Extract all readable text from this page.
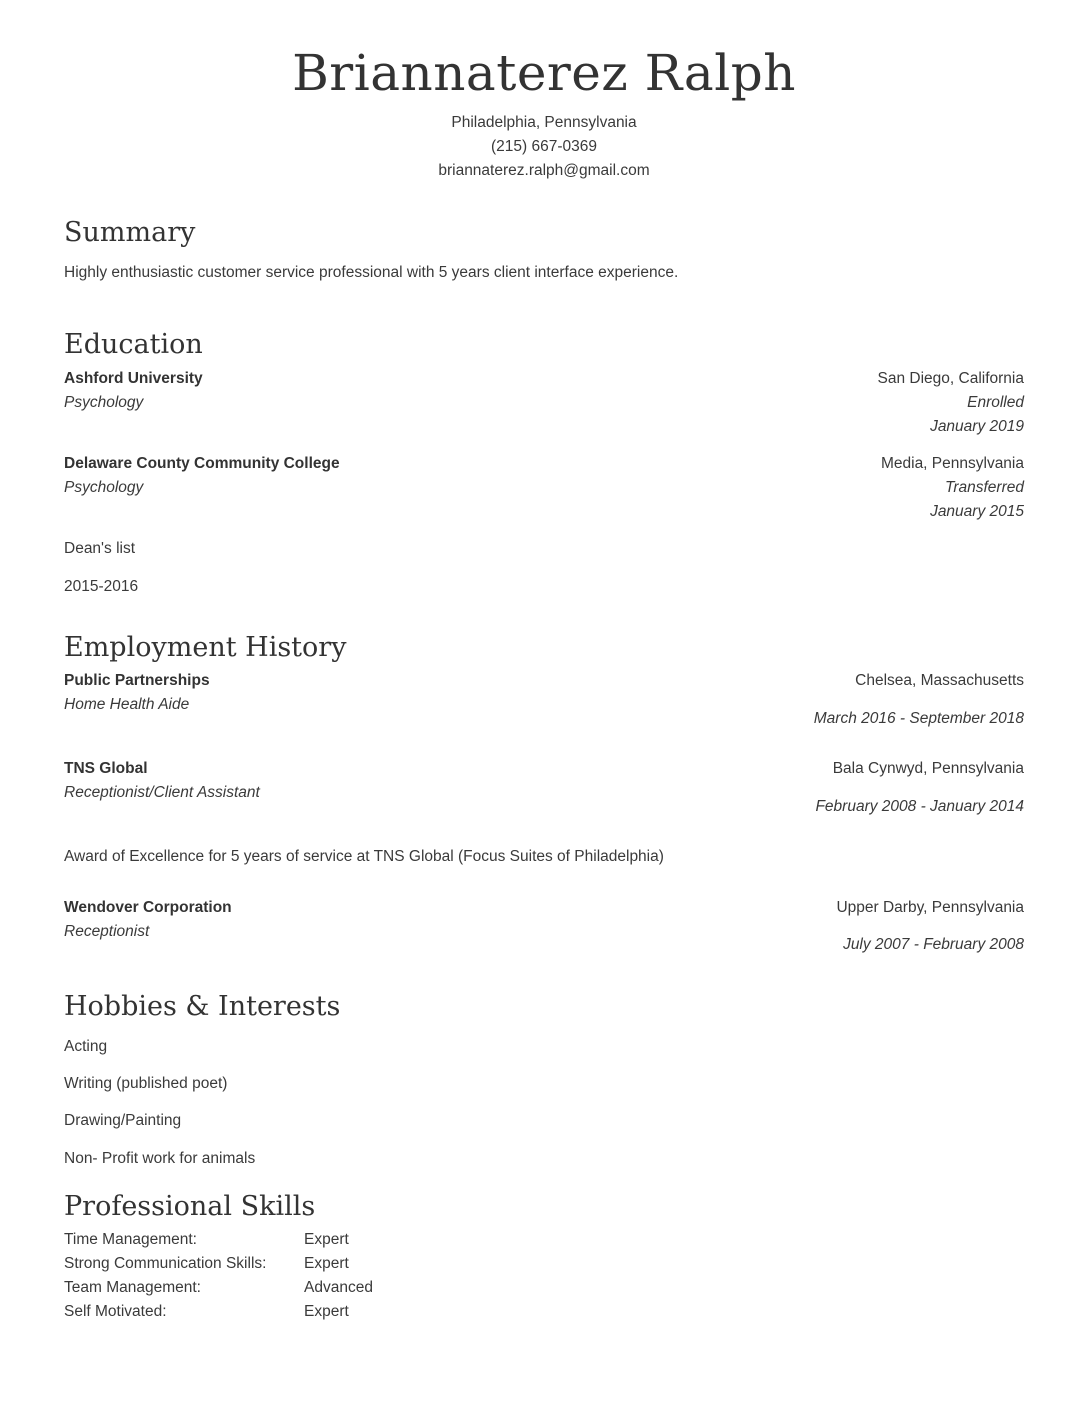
Briannaterez Ralph
Philadelphia, Pennsylvania
(215) 667-0369
briannaterez.ralph@gmail.com
Summary
Highly enthusiastic customer service professional with 5 years client interface experience.
Education
Ashford University	San Diego, California
Psychology	Enrolled
January 2019
Delaware County Community College	Media, Pennsylvania
Psychology	Transferred
January 2015
Dean's list
2015-2016
Employment History
Public Partnerships	Chelsea, Massachusetts
Home Health Aide
March 2016 - September 2018
TNS Global	Bala Cynwyd, Pennsylvania
Receptionist/Client Assistant
February 2008 - January 2014
Award of Excellence for 5 years of service at TNS Global (Focus Suites of Philadelphia)
Wendover Corporation	Upper Darby, Pennsylvania
Receptionist
July 2007 - February 2008
Hobbies & Interests
Acting
Writing (published poet)
Drawing/Painting
Non- Profit work for animals
Professional Skills
Time Management:	Expert
Strong Communication Skills: Expert
Team Management:	Advanced
Self Motivated:	Expert
